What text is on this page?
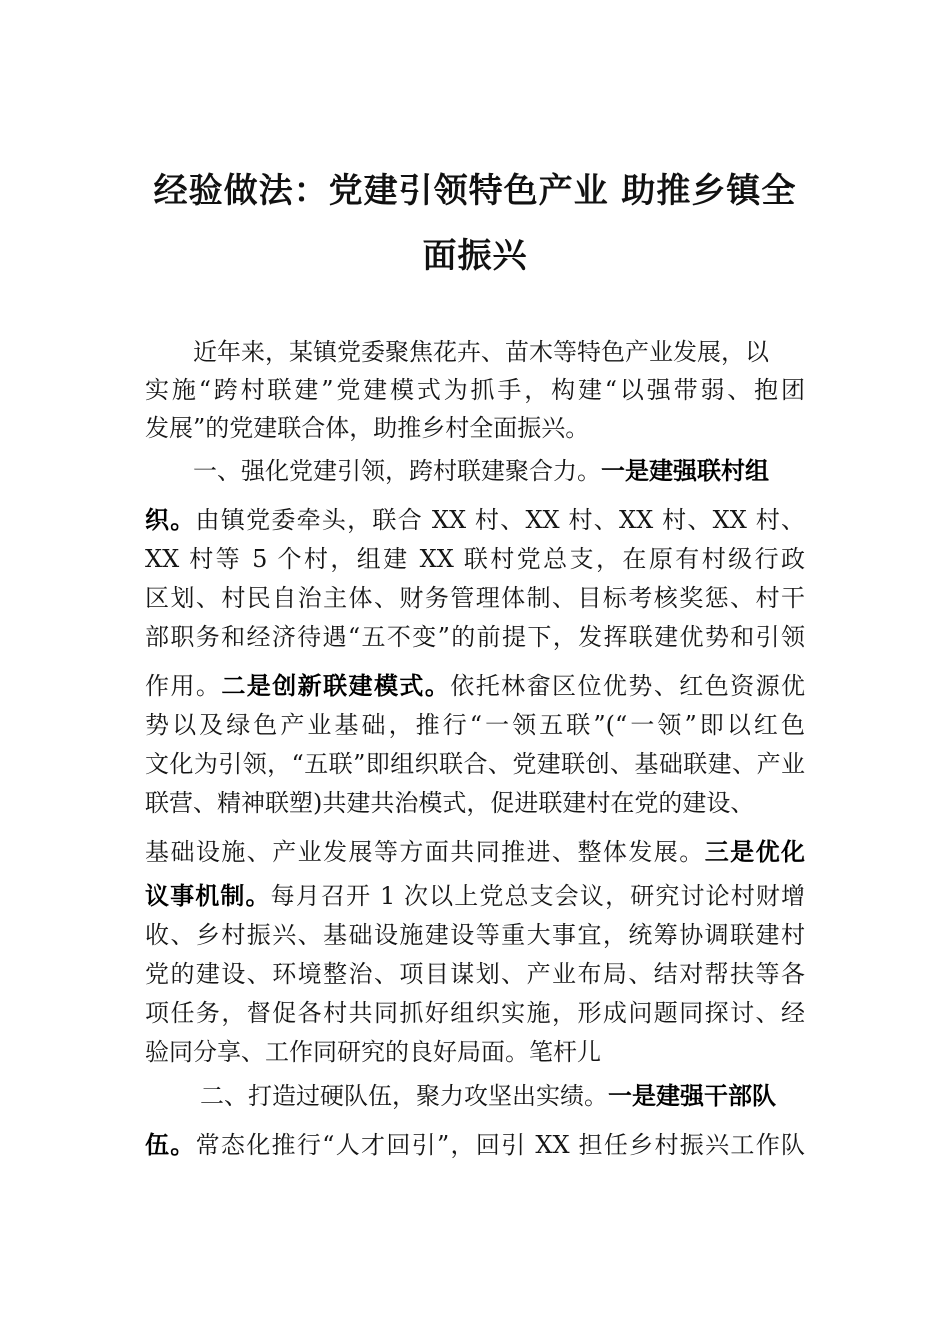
经验做法：党建引领特色产业 助推乡镇全
面振兴
近年来，某镇党委聚焦花卉、苗木等特色产业发展，以
实施“跨村联建”党建模式为抓手，构建“以强带弱、抱团
发展”的党建联合体，助推乡村全面振兴。
一、强化党建引领，跨村联建聚合力。一是建强联村组
织。由镇党委牵头，联合 XX 村、XX 村、XX 村、XX 村、
XX 村等 5 个村，组建 XX 联村党总支，在原有村级行政
区划、村民自治主体、财务管理体制、目标考核奖惩、村干
部职务和经济待遇“五不变”的前提下，发挥联建优势和引领
作用。二是创新联建模式。依托林畲区位优势、红色资源优
势以及绿色产业基础，推行“一领五联”(“一领”即以红色
文化为引领，“五联”即组织联合、党建联创、基础联建、产业
联营、精神联塑)共建共治模式，促进联建村在党的建设、
基础设施、产业发展等方面共同推进、整体发展。三是优化
议事机制。每月召开 1 次以上党总支会议，研究讨论村财增
收、乡村振兴、基础设施建设等重大事宜，统筹协调联建村
党的建设、环境整治、项目谋划、产业布局、结对帮扶等各
项任务，督促各村共同抓好组织实施，形成问题同探讨、经
验同分享、工作同研究的良好局面。笔杆儿
二、打造过硬队伍，聚力攻坚出实绩。一是建强干部队
伍。常态化推行“人才回引”，回引 XX 担任乡村振兴工作队
